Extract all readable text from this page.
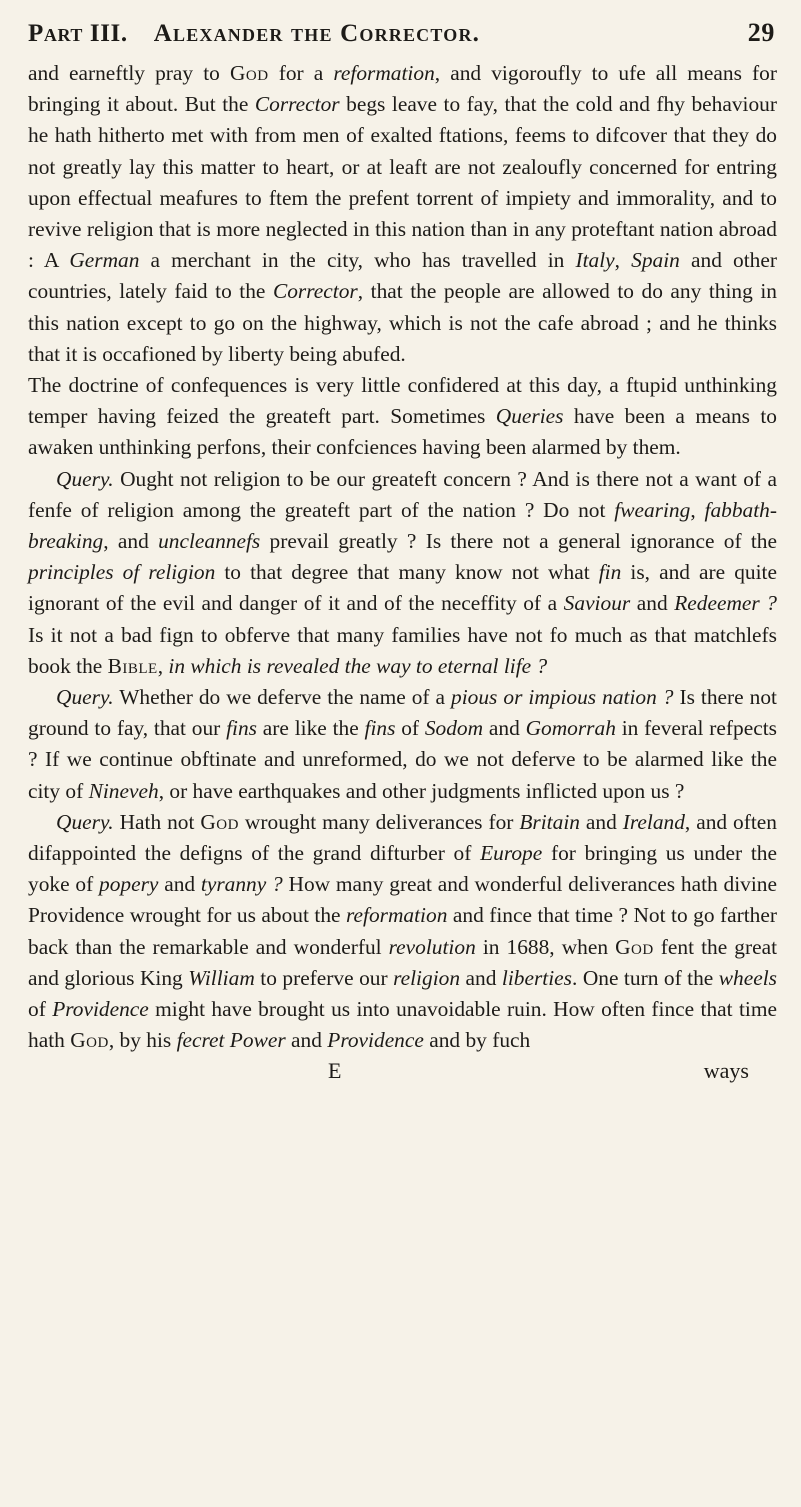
Part III.	Alexander the Corrector.	29

and earneftly pray to God for a reformation, and vigoroufly to ufe all means for bringing it about. But the Corrector begs leave to fay, that the cold and fhy behaviour he hath hitherto met with from men of exalted ftations, feems to difcover that they do not greatly lay this matter to heart, or at leaft are not zealoufly concerned for entring upon effectual meafures to ftem the prefent torrent of impiety and immorality, and to revive religion that is more neglected in this nation than in any proteftant nation abroad : A German a merchant in the city, who has travelled in Italy, Spain and other countries, lately faid to the Corrector, that the people are allowed to do any thing in this nation except to go on the highway, which is not the cafe abroad ; and he thinks that it is occafioned by liberty being abufed.

The doctrine of confequences is very little confidered at this day, a ftupid unthinking temper having feized the greateft part. Sometimes Queries have been a means to awaken unthinking perfons, their confciences having been alarmed by them.

Query. Ought not religion to be our greateft concern ? And is there not a want of a fenfe of religion among the greateft part of the nation ? Do not fwearing, fabbath-breaking, and uncleannefs prevail greatly ? Is there not a general ignorance of the principles of religion to that degree that many know not what fin is, and are quite ignorant of the evil and danger of it and of the neceffity of a Saviour and Redeemer ? Is it not a bad fign to obferve that many families have not fo much as that matchlefs book the Bible, in which is revealed the way to eternal life ?

Query. Whether do we deferve the name of a pious or impious nation ? Is there not ground to fay, that our fins are like the fins of Sodom and Gomorrah in feveral refpects ? If we continue obftinate and unreformed, do we not deferve to be alarmed like the city of Nineveh, or have earthquakes and other judgments inflicted upon us ?

Query. Hath not God wrought many deliverances for Britain and Ireland, and often difappointed the defigns of the grand difturber of Europe for bringing us under the yoke of popery and tyranny ? How many great and wonderful deliverances hath divine Providence wrought for us about the reformation and fince that time ? Not to go farther back than the remarkable and wonderful revolution in 1688, when God fent the great and glorious King William to preferve our religion and liberties. One turn of the wheels of Providence might have brought us into unavoidable ruin. How often fince that time hath God, by his fecret Power and Providence and by fuch

E	ways
